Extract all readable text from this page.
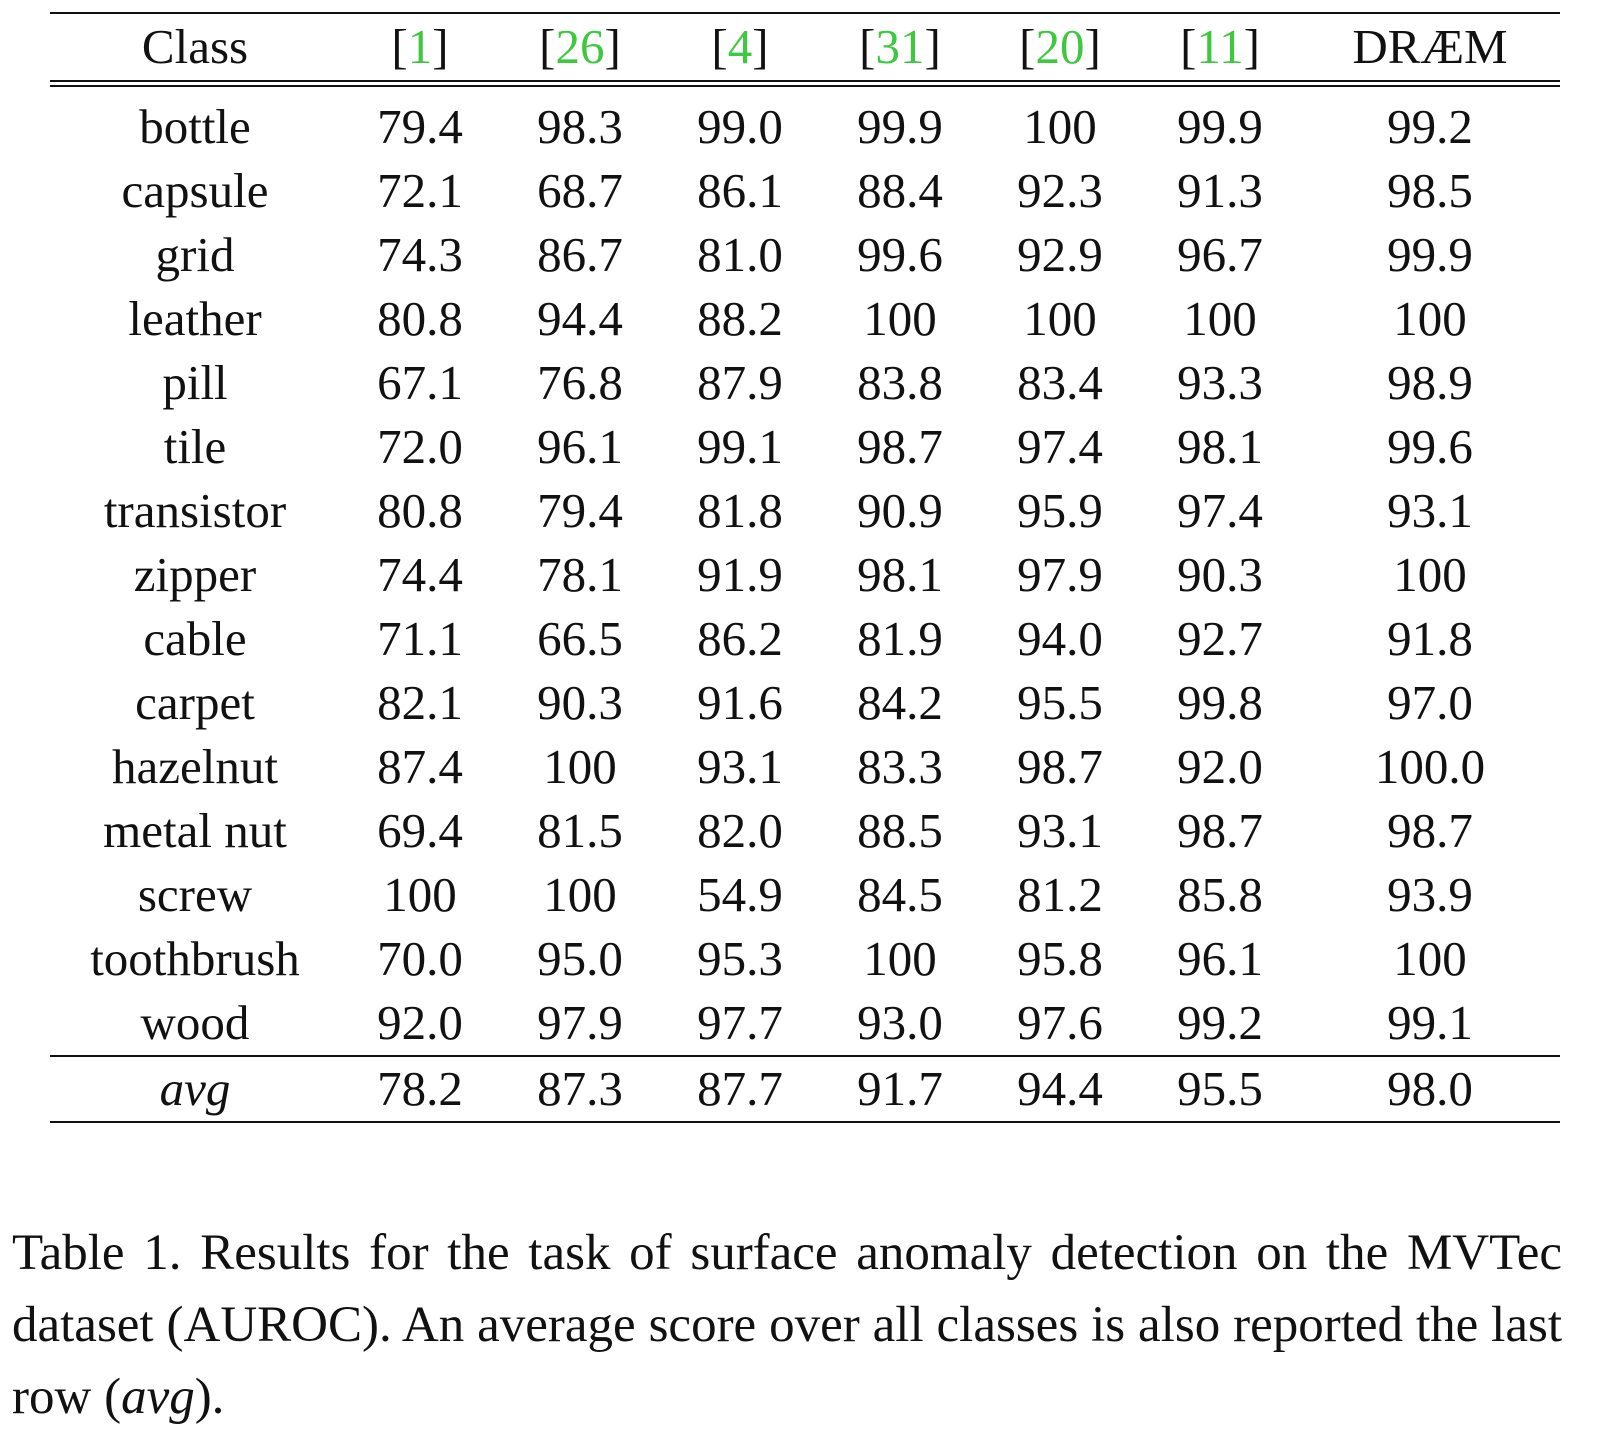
Class	[1]	[26]	[4]	[31]	[20]	[11]	DRÆM
bottle	79.4	98.3	99.0	99.9	100	99.9	99.2
capsule	72.1	68.7	86.1	88.4	92.3	91.3	98.5
grid	74.3	86.7	81.0	99.6	92.9	96.7	99.9
leather	80.8	94.4	88.2	100	100	100	100
pill	67.1	76.8	87.9	83.8	83.4	93.3	98.9
tile	72.0	96.1	99.1	98.7	97.4	98.1	99.6
transistor	80.8	79.4	81.8	90.9	95.9	97.4	93.1
zipper	74.4	78.1	91.9	98.1	97.9	90.3	100
cable	71.1	66.5	86.2	81.9	94.0	92.7	91.8
carpet	82.1	90.3	91.6	84.2	95.5	99.8	97.0
hazelnut	87.4	100	93.1	83.3	98.7	92.0	100.0
metal nut	69.4	81.5	82.0	88.5	93.1	98.7	98.7
screw	100	100	54.9	84.5	81.2	85.8	93.9
toothbrush	70.0	95.0	95.3	100	95.8	96.1	100
wood	92.0	97.9	97.7	93.0	97.6	99.2	99.1
avg	78.2	87.3	87.7	91.7	94.4	95.5	98.0

Table 1. Results for the task of surface anomaly detection on the MVTec dataset (AUROC). An average score over all classes is also reported the last row (avg).
